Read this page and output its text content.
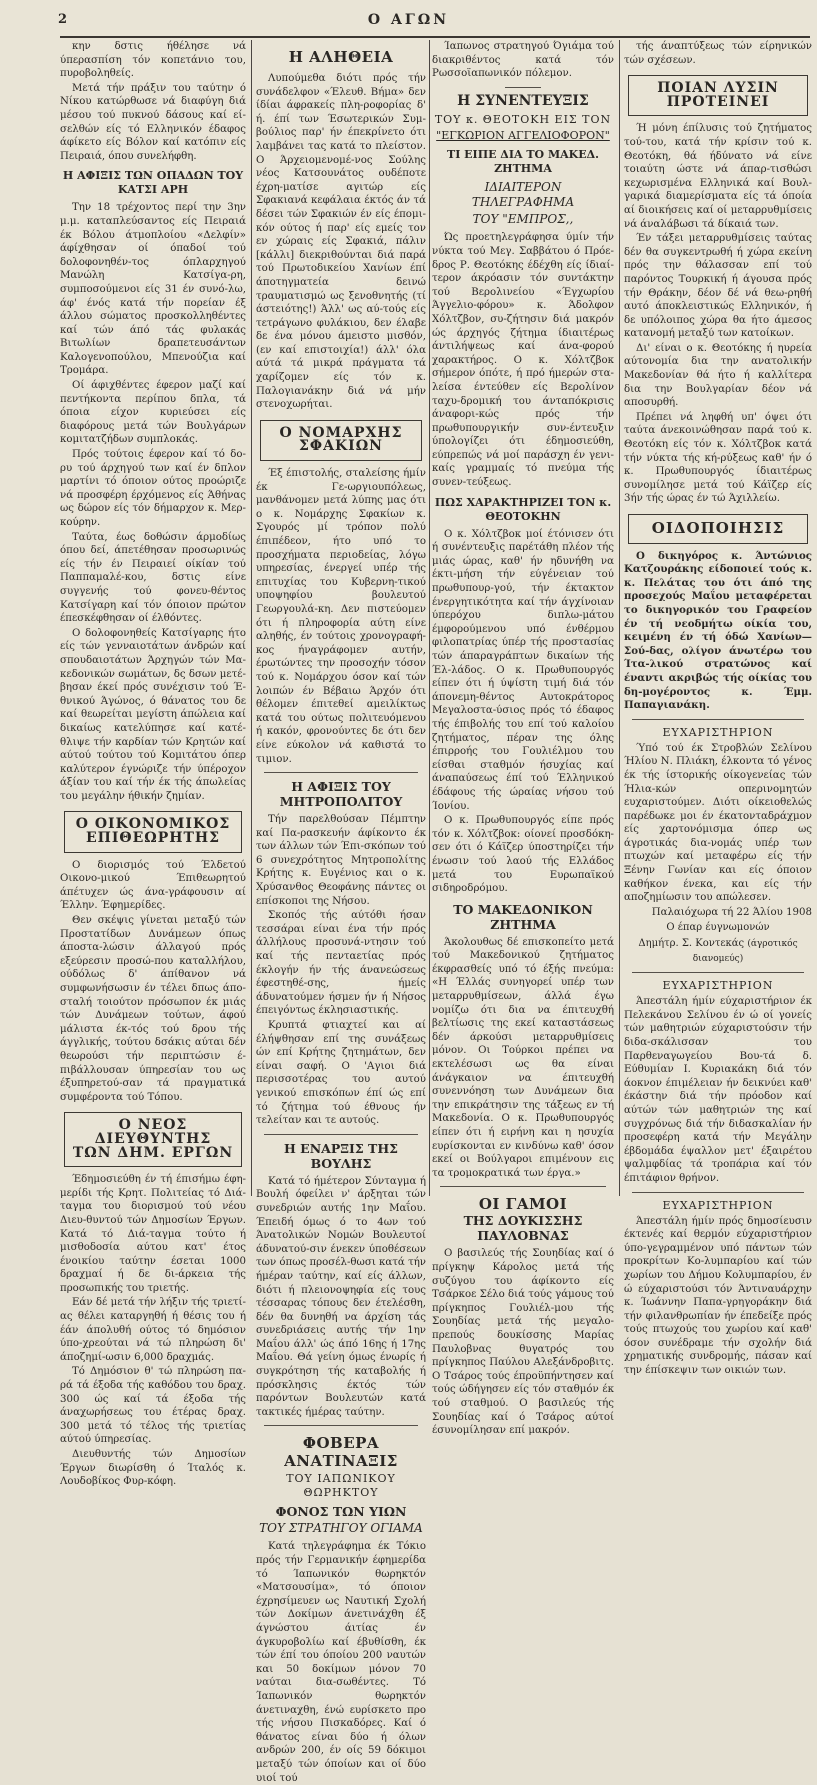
2	Ο ΑΓΩΝ

κην δστις ήθέλησε νά ύπερασπίση τόν κοπετάνιο του, πυροβοληθείς.

Μετά τήν πράξιν του ταύτην ό Νίκου κατώρθωσε νά διαφύγη διά μέσου τού πυκνού δάσους καί εί-σελθών είς τό Ελληνικόν έδαφος άφίκετο είς Βόλον καί κατόπιν είς Πειραιά, όπου συνελήφθη.

Η ΑΦΙΞΙΣ ΤΩΝ ΟΠΑΔΩΝ ΤΟΥ ΚΑΤΣΙ ΑΡΗ

Την 18 τρέχοντος περί την 3ην μ.μ. καταπλεύσαντος είς Πειραιά έκ Βόλου άτμοπλοίου «Δελφίν» άφίχθησαν οί όπαδοί τού δολοφονηθέν-τος όπλαρχηγού Μανώλη Κατσίγα-ρη, συμποσούμενοι είς 31 έν συνό-λω, άφ' ένός κατά τήν πορείαν έξ άλλου σώματος προσκολληθέντες καί τών άπό τάς φυλακάς Βιτωλίων δραπετευσάντων Καλογενοπούλου, Μπενούζια καί Τρομάρα.

Οί άφιχθέντες έφερον μαζί καί πεντήκοντα περίπου δπλα, τά όποια είχον κυριεύσει είς διαφόρους μετά τών Βουλγάρων κομιτατζήδων συμπλοκάς.

Πρός τούτοις έφερον καί τό δο-ρυ τού άρχηγού των καί έν δπλον μαρτίνι τό όποιον ούτος προώριζε νά προσφέρη έρχόμενος είς Άθήνας ως δώρον είς τόν δήμαρχον κ. Μερ-κούρην.

Ταύτα, έως δοθώσιν άρμοδίως όπου δεί, άπετέθησαν προσωρινώς είς τήν έν Πειραιεί οίκίαν τού Παππαμαλέ-κου, δστις είνε συγγενής τού φονευ-θέντος Κατσίγαρη καί τόν όποιον πρώτον έπεσκέφθησαν οί έλθόντες.

Ο δολοφονηθείς Κατσίγαρης ήτο είς τών γενναιοτάτων άνδρών καί σπουδαιοτάτων Άρχηγών τών Μα-κεδονικών σωμάτων, δς δσων μετέ-βησαν έκεί πρός συνέχισιν τού Έ-θνικού Άγώνος, ό θάνατος του δε καί θεωρείται μεγίστη άπώλεια καί δικαίως κατελύπησε καί κατέ-θλιψε τήν καρδίαν τών Κρητών καί αύτού τούτου τού Κομιτάτου όπερ καλύτερον έγνώριζε τήν ύπέροχον άξίαν του καί τήν έκ τής άπωλείας του μεγάλην ήθικήν ζημίαν.

Ο ΟΙΚΟΝΟΜΙΚΟΣ ΕΠΙΘΕΩΡΗΤΗΣ

Ο διορισμός τού Έλδετού Οικονο-μικού Έπιθεωρητού άπέτυχεν ώς άνα-γράφουσιν αί Έλλην. Έφημερίδες.

Θεν σκέψις γίνεται μεταξύ τών Προστατίδων Δυνάμεων όπως άποστα-λώσιν άλλαγού πρός εξεύρεσιν προσώ-που καταλλήλου, ούδόλως δ' άπίθανον νά συμφωνήσωσιν έν τέλει δπως άπο-σταλή τοιούτον πρόσωπον έκ μιάς τών Δυνάμεων τούτων, άφού μάλιστα έκ-τός τού δρου τής άγγλικής, τούτου δσάκις αύται δέν θεωρούσι τήν περιπτώσιν έ-πιβάλλουσαν ύπηρεσίαν του ως έξυπηρετού-σαν τά πραγματικά συμφέροντα τού Τόπου.

Ο ΝΕΟΣ ΔΙΕΥΘΥΝΤΗΣ
ΤΩΝ ΔΗΜ. ΕΡΓΩΝ

Έδημοσιεύθη έν τή έπισήμω έφη-μερίδι τής Κρητ. Πολιτείας τό Διά-ταγμα του διορισμού τού νέου Διευ-θυντού τών Δημοσίων Έργων. Κατά τό Διά-ταγμα τούτο ή μισθοδοσία αύτου κατ' έτος ένοικίου ταύτην έσεται 1000 δραχμαί ή δε δι-άρκεια τής προσωπικής του τριετής.

Εάν δέ μετά τήν λήξιν τής τριετί-ας θέλει καταργηθή ή θέσις του ή έάν άπολυθή ούτος τό δημόσιον ύπο-χρεούται νά τώ πληρώση δι' άποζημί-ωσιν 6,000 δραχμάς.

Τό Δημόσιον θ' τώ πληρώση πα-ρά τά έξοδα τής καθόδου του δραχ. 300 ώς καί τά έξοδα τής άναχωρήσεως του έτέρας δραχ. 300 μετά τό τέλος τής τριετίας αύτού ύπηρεσίας.

Διευθυντής τών Δημοσίων Έργων διωρίσθη ό Ίταλός κ. Λουδοβίκος Φυρ-κόφη.

Η ΑΛΗΘΕΙΑ

Λυπούμεθα διότι πρός τήν συνάδελφον «Έλευθ. Βήμα» δεν ίδίαι άφρακείς πλη-ροφορίας δ' ή. έπί των Έσωτερικών Συμ-βούλιος παρ' ήν έπεκρίνετο ότι λαμβάνει τας κατά το πλείστον. Ο Άρχειομενομέ-νος Σούλης νέος Κατσουνάτος ουδέποτε έχρη-ματίσε αγιτώρ είς Σφακιανά κεφάλαια έκτός άν τά δέσει τών Σφακιών έν είς έπομι-κόν ούτος ή παρ' είς εμείς τον εν χώραις είς Σφακιά, πάλιν [κάλλι] διεκριθούνται διά παρά τού Πρωτοδικείου Χανίων έπί άποτηγματεία δεινώ τραυματισμώ ως ξενοθνητής (τί άστειότης!) Άλλ' ως αύ-τούς είς τετράγωνο φυλάκιου, δεν έλαβε δε ένα μόνου άμειστο μισθόν, (εν καί επιστοιχία!) άλλ' όλα αύτά τά μικρά πράγματα τά χαρίζομεν είς τόν κ. Παλογιανάκην διά νά μήν στενοχωρήται.

Ο ΝΟΜΑΡΧΗΣ ΣΦΑΚΙΩΝ

Έξ έπιστολής, σταλείσης ήμίν έκ Γε-ωργιουπόλεως, μανθάνομεν μετά λύπης μας ότι ο κ. Νομάρχης Σφακίων κ. Σγουρός μί τρόπον πολύ έπιπέδεον, ήτο υπό το προσχήματα περιοδείας, λόγω υπηρεσίας, ένεργεί υπέρ τής επιτυχίας του Κυβερνη-τικού υποψηφίου βουλευτού Γεωργουλά-κη. Δεν πιστεύομεν ότι ή πληροφορία αύτη είνε αληθής, έν τούτοις χρονογραφή-κος ήναγράφομεν αυτήν, έρωτώντες την προσοχήν τόσον τού κ. Νομάρχου όσον καί τών λοιπών έν Βέβαιω Άρχόν ότι θέλομεν έπιτεθεί αμειλίκτως κατά του ούτως πολιτευόμενου ή κακόν, φρονούντες δε ότι δεν είνε εύκολον νά καθιστά το τιμιον.

Η ΑΦΙΞΙΣ ΤΟΥ ΜΗΤΡΟΠΟΛΙΤΟΥ

Τήν παρελθούσαν Πέμπτην καί Πα-ρασκευήν άφίκοντο έκ των άλλων τών Έπι-σκόπων τού 6 συνεχρότητος Μητροπολίτης Κρήτης κ. Ευγένιος και ο κ. Χρύσανθος Θεοφάνης πάντες οι επίσκοποι της Νήσου.

Σκοπός τής αύτόθι ήσαν τεσσάραι είναι ένα τήν πρός άλλήλους προσυνά-ντησιν τού καί τής πενταετίας πρός έκλογήν ήν τής άνανεώσεως έφεστηθέ-σης, ήμείς άδυνατούμεν ήσμεν ήν ή Νήσος έπειγόντως έκλησιαστικής.

Κρυπτά φτιαχτεί και αί έλήψθησαν επί της συνάξεως ών επί Κρήτης ζητημάτων, δεν είναι σαφή. Ο 'Αγιοι διά περισσοτέρας του αυτού γενικού επισκόπων έπί ώς επί τό ζήτημα τού έθνους ήν τελείταν και τε αυτούς.

Η ΕΝΑΡΞΙΣ ΤΗΣ ΒΟΥΛΗΣ

Κατά τό ήμέτερον Σύνταγμα ή Βουλή όφείλει ν' άρξηται τών συνεδριών αυτής 1ην Μαΐου. Έπειδή όμως ό το 4ων τού Άνατολικών Νομών Βουλευτοί άδυνατού-σιν ένεκεν ύποθέσεων των όπως προσέλ-θωσι κατά τήν ήμέραν ταύτην, καί είς άλλων, διότι ή πλειονοψηφία είς τους τέσσαρας τόπους δεν έτελέσθη, δέν θα δυνηθή να άρχίση τάς συνεδριάσεις αυτής τήν 1ην Μαΐου άλλ' ώς άπό 16ης ή 17ης Μαΐου. Θά γείνη όμως ένωρίς ή συγκρότηση τής καταβολής ή πρόσκλησις έκτός τών παρόντων Βουλευτών κατά τακτικές ήμέρας ταύτην.

ΦΟΒΕΡΑ ΑΝΑΤΙΝΑΞΙΣ
ΤΟΥ ΙΑΠΩΝΙΚΟΥ ΘΩΡΗΚΤΟΥ
ΦΟΝΟΣ ΤΩΝ ΥΙΩΝ
ΤΟΥ ΣΤΡΑΤΗΓΟΥ ΟΓΙΑΜΑ

Κατά τηλεγράφημα έκ Τόκιο πρός τήν Γερμανικήν έφημερίδα τό Ίαπωνικόν θωρηκτόν «Ματσουσίμα», τό όποιον έχρησίμευεν ως Ναυτική Σχολή τών Δοκίμων άνετινάχθη έξ άγνώστου άιτίας έν άγκυροβολίω καί έβυθίσθη, έκ τών έπί του όποίου 200 ναυτών και 50 δοκίμων μόνον 70 ναύται δια-σωθέντες. Τό Ίαπωνικόν θωρηκτόν άνετιναχθη, ένώ ευρίσκετο προ τής νήσου Πισκαδόρες. Καί ό θάνατος είναι δύο ή όλων ανδρών 200, έν οίς 59 δόκιμοι μεταξύ τών όποίων και οί δύο υιοί τού

Ίαπωνος στρατηγού Όγιάμα τού διακριθέντος κατά τόν Ρωσσοϊαπωνικόν πόλεμον.

Η ΣΥΝΕΝΤΕΥΞΙΣ
ΤΟΥ κ. ΘΕΟΤΟΚΗ ΕΙΣ ΤΟΝ
"ΕΓΚΩΡΙΟΝ ΑΓΓΕΛΙΟΦΟΡΟΝ"
ΤΙ ΕΙΠΕ ΔΙΑ ΤΟ ΜΑΚΕΔ. ΖΗΤΗΜΑ
ΙΔΙΑΙΤΕΡΟΝ ΤΗΛΕΓΡΑΦΗΜΑ
ΤΟΥ "ΕΜΠΡΟΣ,,

Ώς προετηλεγράφησα ύμίν τήν νύκτα τού Μεγ. Σαββάτου ό Πρόε-δρος Ρ. Θεοτόκης έδέχθη είς ίδιαί-τερον άκρόασιν τόν συντάκτην τού Βερολινείου «Έγχωρίου Άγγελιο-φόρου» κ. Άδολφον Χόλτζβον, συ-ζήτησιν διά μακρόν ώς άρχηγός ζήτημα ίδιαιτέρως άντιλήψεως καί άνα-φορού χαρακτήρος. Ο κ. Χόλτζβοκ σήμερον όπότε, ή πρό ήμερών στα-λείσα έντεύθεν είς Βερολίνον ταχυ-δρομική του άνταπόκρισις άναφορι-κώς πρός τήν πρωθυπουργικήν συν-έντευξιν ύπολογίζει ότι έδημοσιεύθη, εύπρεπώς νά μοί παράσχη έν γενι-καίς γραμμαίς τό πνεύμα τής συνεν-τεύξεως.

ΠΩΣ ΧΑΡΑΚΤΗΡΙΖΕΙ ΤΟΝ κ. ΘΕΟΤΟΚΗΝ

Ο κ. Χόλτζβοκ μοί έτόνισεν ότι ή συνέντευξις παρέτάθη πλέον τής μιάς ώρας, καθ' ήν ηδυνήθη να έκτι-μήση τήν εύγένειαν τού πρωθυπουρ-γού, τήν έκτακτον ένεργητικότητα καί τήν άγχίνοιαν ύπερόχου διπλω-μάτου έμφορούμενου υπό ένθέρμου φιλοπατρίας ύπέρ τής προστασίας τών άπαραγράπτων δικαίων τής Έλ-λάδος. Ο κ. Πρωθυπουργός είπεν ότι ή ύψίστη τιμή διά τόν άπονεμη-θέντος Αυτοκράτορος Μεγαλοστα-ύσιος πρός τό έδαφος τής έπιβολής του επί τού καλοίου ζητήματος, πέραν της όλης έπιρροής του Γουλιέλμου του είσθαι σταθμόν ήσυχίας καί άναπαύσεως έπί τού Έλληνικού έδάφους τής ώραίας νήσου τού Ίονίου.

Ο κ. Πρωθυπουργός είπε πρός τόν κ. Χόλτζβοκ: οίονεί προσδόκη-σεν ότι ό Κάϊζερ ύποστηρίζει τήν ένωσιν τού λαού τής Ελλάδος μετά του Ευρωπαϊκού σιδηροδρόμου.

ΤΟ ΜΑΚΕΔΟΝΙΚΟΝ ΖΗΤΗΜΑ

Άκολουθως δέ επισκοπείτο μετά τού Μακεδονικού ζητήματος έκφρασθείς υπό τό έξής πνεύμα: «Η Έλλάς συνηγορεί υπέρ των μεταρρυθμίσεων, άλλά έγω νομίζω ότι δια να έπιτευχθή βελτίωσις της εκεί καταστάσεως δέν άρκούσι μεταρρυθμίσεις μόνον. Οι Τούρκοι πρέπει να εκτελέσωσι ως θα είναι άνάγκαιον να έπιτευχθή συνεννόηση των Δυνάμεων δια την επικράτησιν της τάξεως εν τή Μακεδονία. Ο κ. Πρωθυπουργός είπεν ότι ή ειρήνη και η ησυχία ευρίσκονται εν κινδύνω καθ' όσον εκεί οι Βούλγαροι επιμένουν εις τα τρομοκρατικά των έργα.»

ΟΙ ΓΑΜΟΙ
ΤΗΣ ΔΟΥΚΙΣΣΗΣ ΠΑΥΛΟΒΝΑΣ

Ο βασιλεύς τής Σουηδίας καί ό πρίγκηψ Κάρολος μετά τής συζύγου του άφίκοντο είς Τσάρκοε Σέλο διά τούς γάμους τού πρίγκηπος Γουλιέλ-μου τής Σουηδίας μετά τής μεγαλο-πρεπούς δουκίσσης Μαρίας Παυλοβνας θυγατρός του πρίγκηπος Παύλου Αλεξάνδροβιτς. Ο Τσάρος τούς έπροϋπήντησεν καί τούς ώδήγησεν είς τόν σταθμόν έκ τού σταθμού. Ο βασιλεύς τής Σουηδίας καί ό Τσάρος αύτοί έσυνομίλησαν επί μακρόν.

τής άναπτύξεως τών είρηνικών τών σχέσεων.

ΠΟΙΑΝ ΛΥΣΙΝ ΠΡΟΤΕΙΝΕΙ

Ή μόνη έπίλυσις τού ζητήματος τού-του, κατά τήν κρίσιν τού κ. Θεοτόκη, θά ήδύνατο νά είνε τοιαύτη ώστε νά άπαρ-τισθώσι κεχωρισμένα Ελληνικά καί Βουλ-γαρικά διαμερίσματα είς τά όποία αί διοικήσεις καί οί μεταρρυθμίσεις νά άναλάβωσι τά δίκαιά των.

Έν τάξει μεταρρυθμίσεις ταύτας δέν θα συγκεντρωθή ή χώρα εκείνη πρός την θάλασσαν επί τού παρόντος Τουρκική ή άγουσα πρός τήν Θράκην, δέον δέ νά θεω-ρηθή αυτό άποκλειστικώς Ελληνικόν, ή δε υπόλοιπος χώρα θα ήτο άμεσος κατανομή μεταξύ των κατοίκων.

Δι' είναι ο κ. Θεοτόκης ή ηυρεία αύτονομία δια την ανατολικήν Μακεδονίαν θά ήτο ή καλλίτερα δια την Βουλγαρίαν δέον νά αποσυρθή.

Πρέπει νά ληφθή υπ' όψει ότι ταύτα άνεκοινώθησαν παρά τού κ. Θεοτόκη είς τόν κ. Χόλτζβοκ κατά τήν νύκτα τής κή-ρύξεως καθ' ήν ό κ. Πρωθυπουργός ίδιαιτέρως συνομίλησε μετά τού Κάϊζερ είς 3ήν τής ώρας έν τώ Άχιλλείω.

ΟΙΔΟΠΟΙΗΣΙΣ

Ο δικηγόρος κ. Άντώνιος Κατζουράκης είδοποιεί τούς κ. κ. Πελάτας του ότι άπό της προσεχούς Μαΐου μεταφέρεται το δικηγορικόν του Γραφείον έν τή νεοδμήτω οίκία του, κειμένη έν τή όδώ Χανίων—Σού-δας, ολίγον άνωτέρω του Ίτα-λικού στρατώνος καί έναντι ακριβώς τής οίκίας του δη-μογέροντος κ. Έμμ. Παπαγιανάκη.

ΕΥΧΑΡΙΣΤΗΡΙΟΝ

Ύπό τού έκ Στροβλών Σελίνου Ήλίου Ν. Πλιάκη, έλκοντα τό γένος έκ τής ίστορικής οίκογενείας τών Ήλια-κών οπερινομητών ευχαριστούμεν. Διότι οίκειοθελώς παρέδωκε μοι έν έκατονταδράχμον είς χαρτονόμισμα όπερ ως άγροτικάς δια-νομάς υπέρ των πτωχών καί μεταφέρω είς τήν Ξένην Γωνίαν και είς όποιον καθήκον ένεκα, και είς τήν αποζημίωσιν του απώλεσεν.

Παλαιόχωρα τή 22 Άλίου 1908
Ο έπαρ έυγνωμονών
Δημήτρ. Σ. Κοντεκάς (άγροτικός διανομεύς)
ΕΥΧΑΡΙΣΤΗΡΙΟΝ

Άπεστάλη ήμίν εύχαριστήριον έκ Πελεκάνου Σελίνου έν ώ οί γονείς τών μαθητριών εύχαριστούσιν τήν διδα-σκάλισσαν του Παρθεναγωγείου Βου-τά δ. Εύθυμίαν Ι. Κυριακάκη διά τόν άοκνον έπιμέλειαν ήν δεικνύει καθ' έκάστην διά τήν πρόοδον καί αύτών τών μαθητριών της καί συγχρόνως διά τήν διδασκαλίαν ήν προσεφέρη κατά τήν Μεγάλην έβδομάδα έψαλλον μετ' έξαιρέτου ψαλμφδίας τά τροπάρια καί τόν έπιτάφιον θρήνον.

ΕΥΧΑΡΙΣΤΗΡΙΟΝ

Άπεστάλη ήμίν πρός δημοσίευσιν έκτενές καί θερμόν εύχαριστήριον ύπο-γεγραμμένον υπό πάντων τών προκρίτων Κο-λυμπαρίου καί τών χωρίων του Δήμου Κολυμπαρίου, έν ώ εύχαριστούσι τόν Άντιναυάρχην κ. Ίωάννην Παπα-γρηγοράκην διά τήν φιλανθρωπίαν ήν έπεδείξε πρός τούς πτωχούς του χωρίου καί καθ' όσον συνέδραμε τήν σχολήν διά χρηματικής συνδρομής, πάσαν καί την έπίσκεψιν των οικιών των.
